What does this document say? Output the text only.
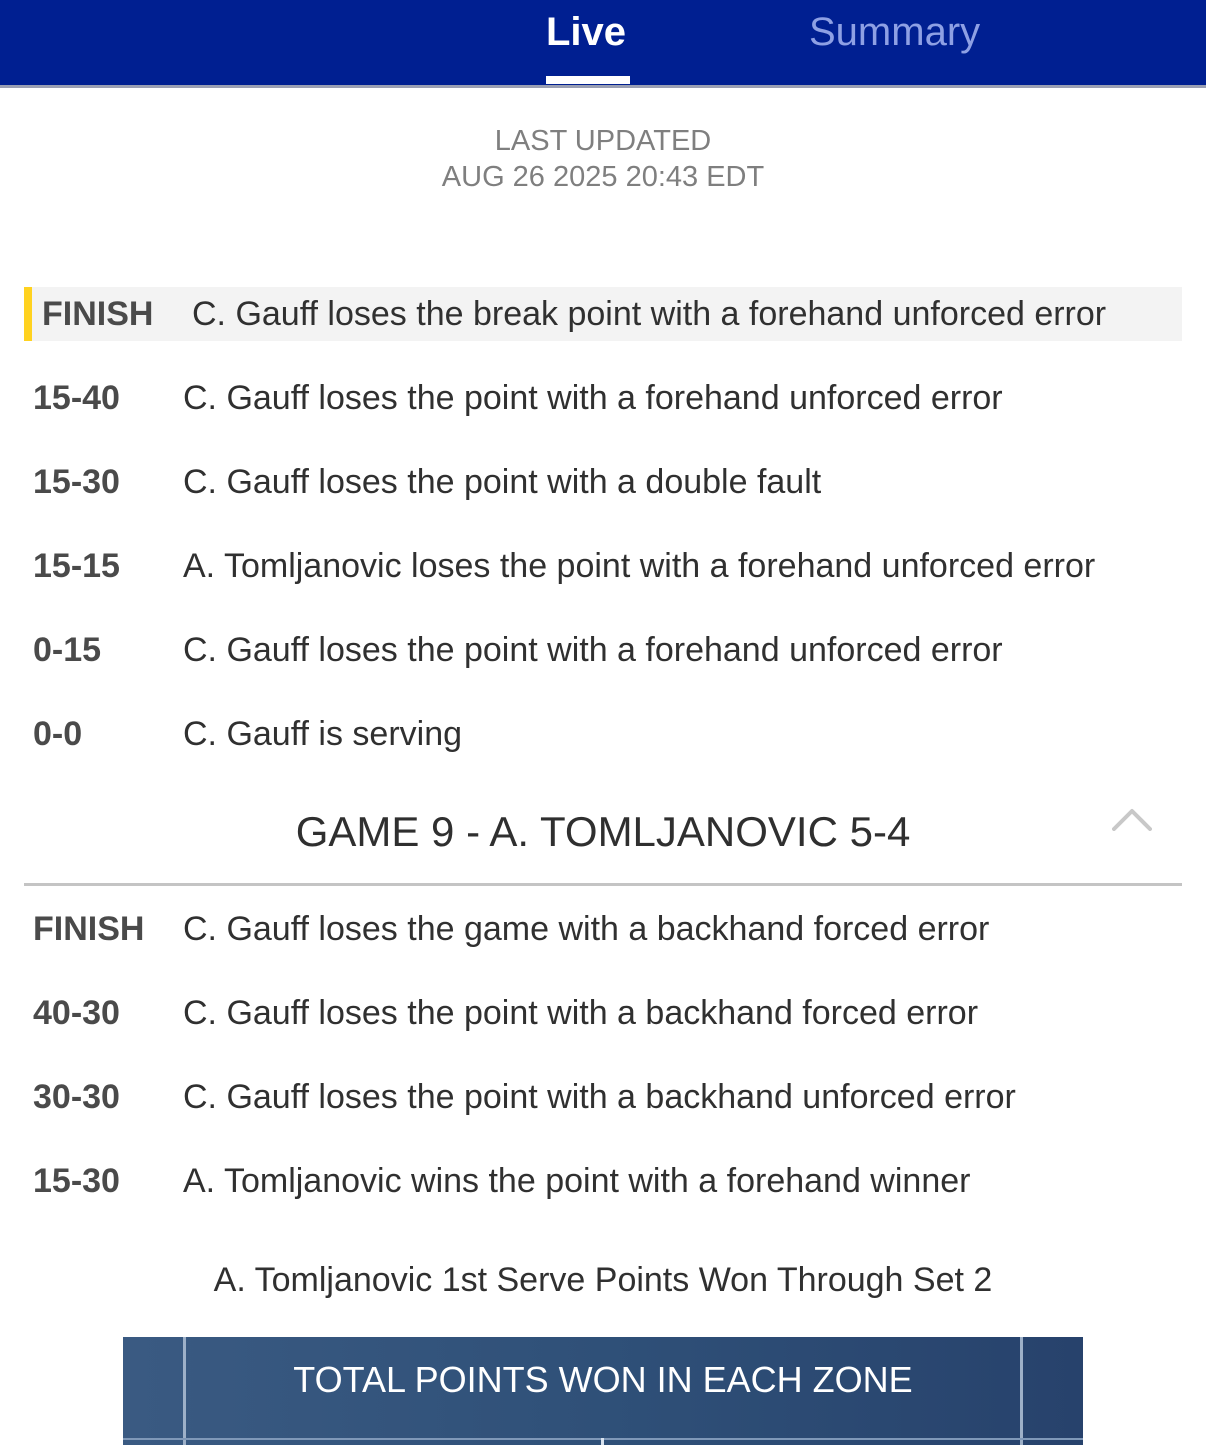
Live	Summary
LAST UPDATED
AUG 26 2025 20:43 EDT
FINISH C. Gauff loses the break point with a forehand unforced error
15-40 C. Gauff loses the point with a forehand unforced error
15-30 C. Gauff loses the point with a double fault
15-15 A. Tomljanovic loses the point with a forehand unforced error
0-15 C. Gauff loses the point with a forehand unforced error
0-0	C. Gauff is serving
GAME 9 - A. TOMLJANOVIC 5-4
FINISH C. Gauff loses the game with a backhand forced error
40-30 C. Gauff loses the point with a backhand forced error
30-30 C. Gauff loses the point with a backhand unforced error
15-30 A. Tomljanovic wins the point with a forehand winner
A. Tomljanovic 1st Serve Points Won Through Set 2
TOTAL POINTS WON IN EACH ZONE
